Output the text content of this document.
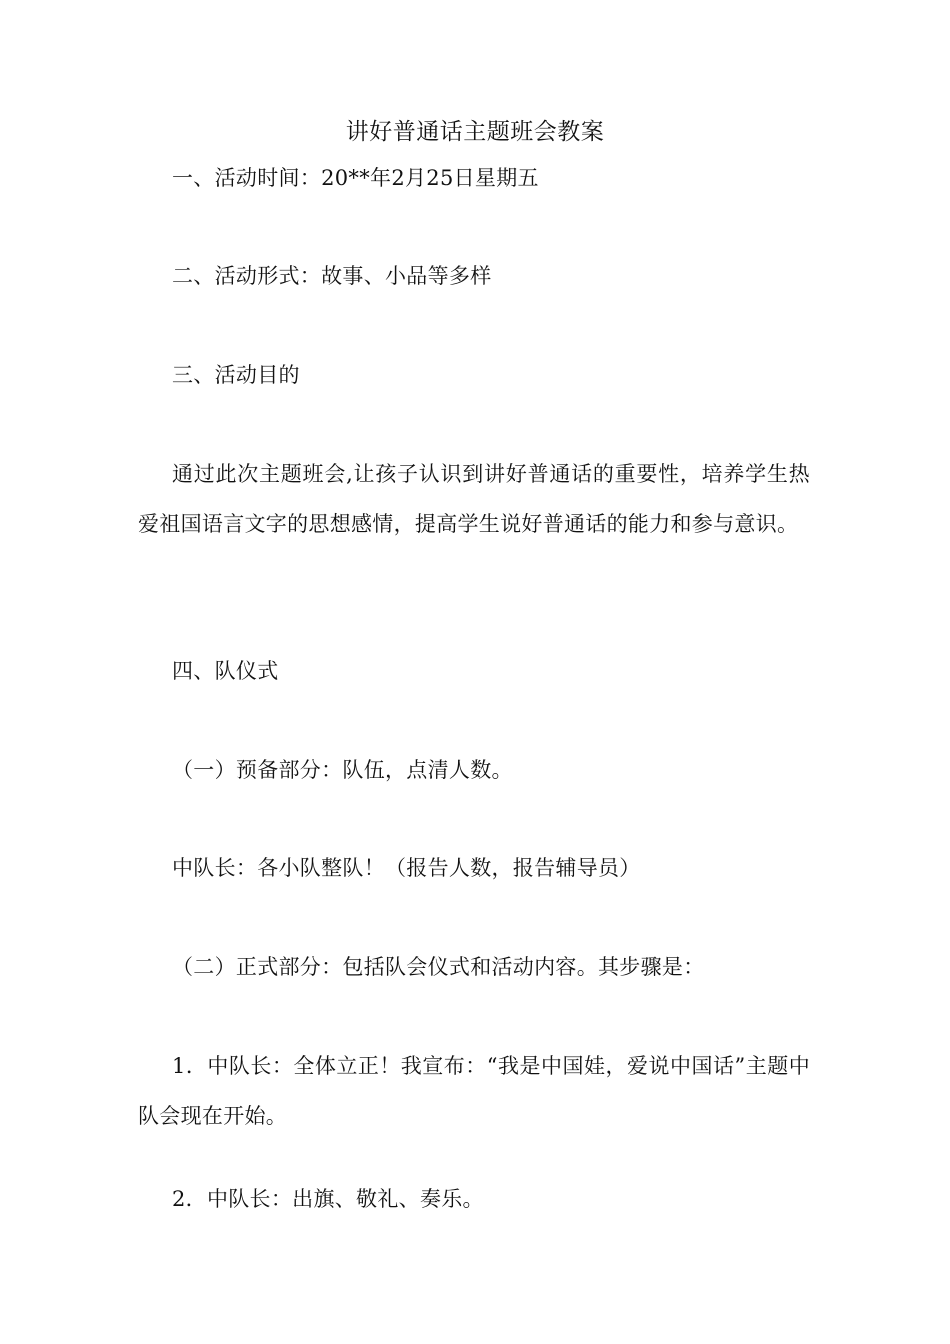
讲好普通话主题班会教案

一、活动时间：20**年2月25日星期五

二、活动形式：故事、小品等多样

三、活动目的

通过此次主题班会,让孩子认识到讲好普通话的重要性，培养学生热爱祖国语言文字的思想感情，提高学生说好普通话的能力和参与意识。

四、队仪式

（一）预备部分：队伍，点清人数。

中队长：各小队整队！（报告人数，报告辅导员）

（二）正式部分：包括队会仪式和活动内容。其步骤是：

1．中队长：全体立正！我宣布：“我是中国娃，爱说中国话”主题中队会现在开始。

2．中队长：出旗、敬礼、奏乐。
